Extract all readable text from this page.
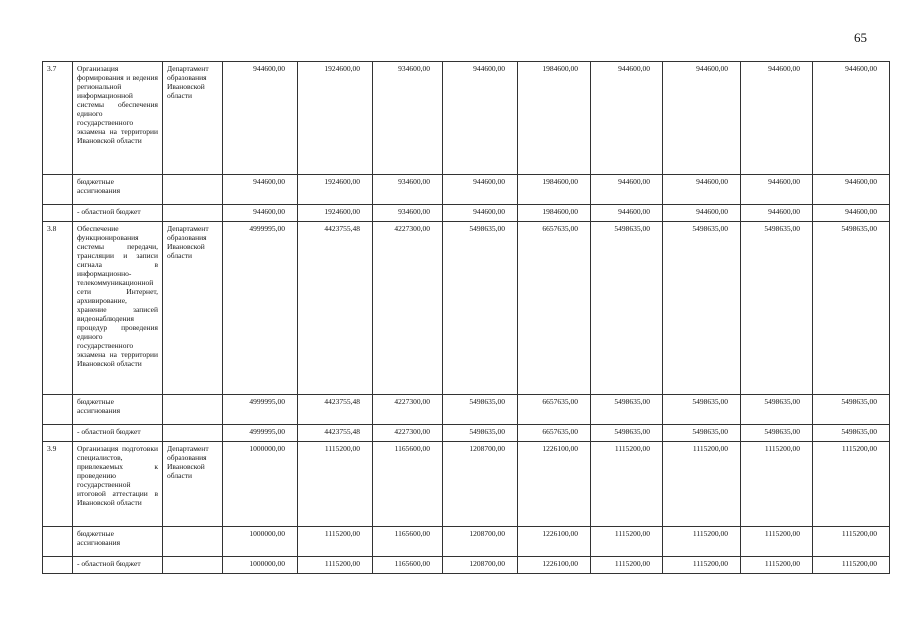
65
3.7	Организация формирования и ведения региональной информационной системы обеспечения единого государственного экзамена на территории Ивановской области	Департамент образования Ивановской области	944600,00	1924600,00	934600,00	944600,00	1984600,00	944600,00	944600,00	944600,00	944600,00
	бюджетные ассигнования		944600,00	1924600,00	934600,00	944600,00	1984600,00	944600,00	944600,00	944600,00	944600,00
	- областной бюджет		944600,00	1924600,00	934600,00	944600,00	1984600,00	944600,00	944600,00	944600,00	944600,00
3.8	Обеспечение функционирования системы передачи, трансляции и записи сигнала в информационно-телекоммуникационной сети Интернет, архивирование, хранение записей видеонаблюдения процедур проведения единого государственного экзамена на территории Ивановской области	Департамент образования Ивановской области	4999995,00	4423755,48	4227300,00	5498635,00	6657635,00	5498635,00	5498635,00	5498635,00	5498635,00
	бюджетные ассигнования		4999995,00	4423755,48	4227300,00	5498635,00	6657635,00	5498635,00	5498635,00	5498635,00	5498635,00
	- областной бюджет		4999995,00	4423755,48	4227300,00	5498635,00	6657635,00	5498635,00	5498635,00	5498635,00	5498635,00
3.9	Организация подготовки специалистов, привлекаемых к проведению государственной итоговой аттестации в Ивановской области	Департамент образования Ивановской области	1000000,00	1115200,00	1165600,00	1208700,00	1226100,00	1115200,00	1115200,00	1115200,00	1115200,00
	бюджетные ассигнования		1000000,00	1115200,00	1165600,00	1208700,00	1226100,00	1115200,00	1115200,00	1115200,00	1115200,00
	- областной бюджет		1000000,00	1115200,00	1165600,00	1208700,00	1226100,00	1115200,00	1115200,00	1115200,00	1115200,00
